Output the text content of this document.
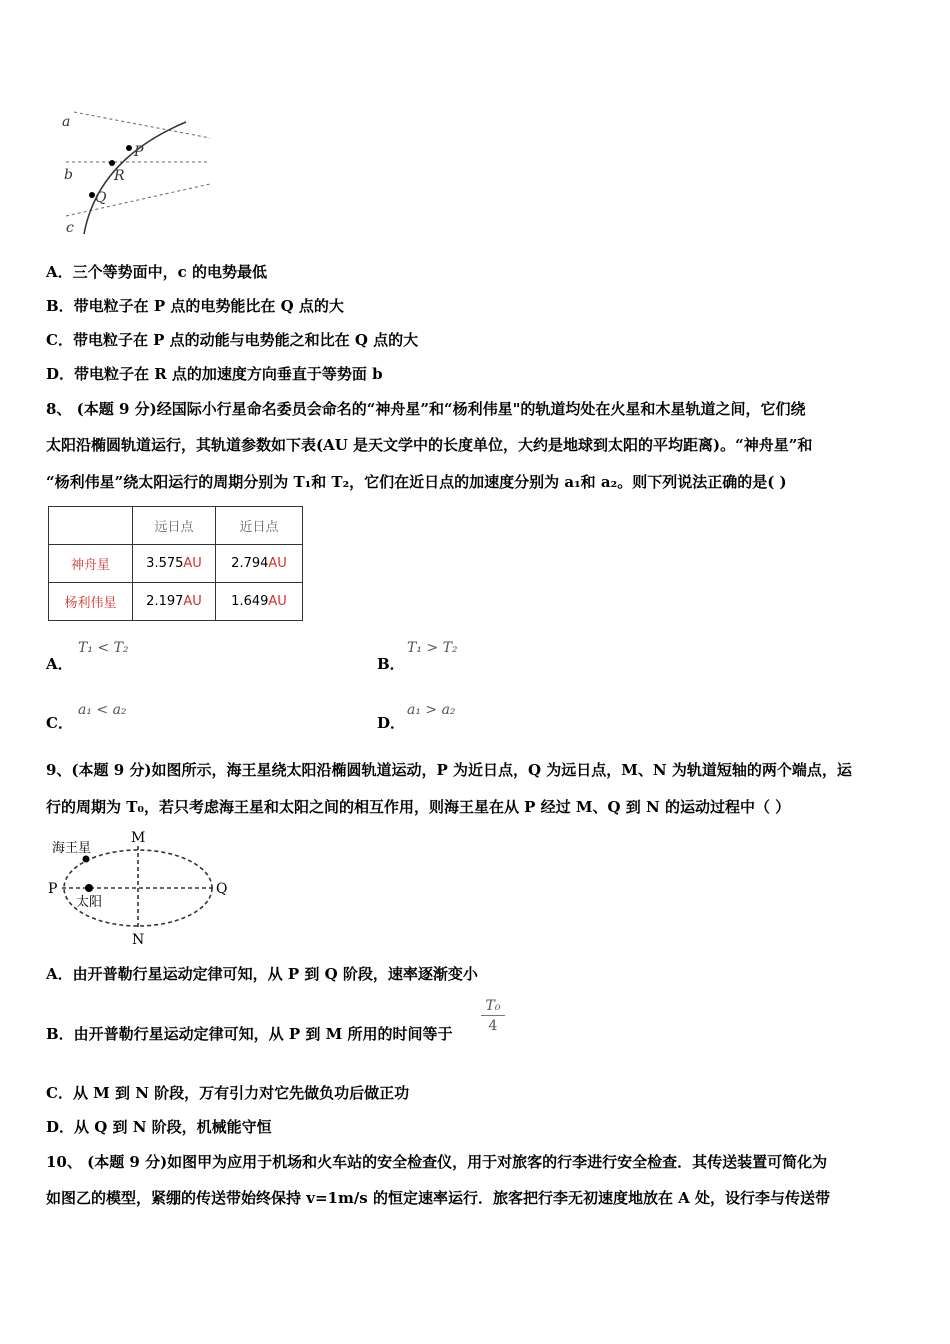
a
b
c
P
R
Q
A．三个等势面中，c 的电势最低
B．带电粒子在 P 点的电势能比在 Q 点的大
C．带电粒子在 P 点的动能与电势能之和比在 Q 点的大
D．带电粒子在 R 点的加速度方向垂直于等势面 b
8、 (本题 9 分)经国际小行星命名委员会命名的“神舟星”和“杨利伟星"的轨道均处在火星和木星轨道之间，它们绕
太阳沿椭圆轨道运行，其轨道参数如下表(AU 是天文学中的长度单位，大约是地球到太阳的平均距离)。“神舟星”和
“杨利伟星”绕太阳运行的周期分别为 T₁和 T₂，它们在近日点的加速度分别为 a₁和 a₂。则下列说法正确的是( )
	远日点	近日点
神舟星	3.575AU	2.794AU
杨利伟星	2.197AU	1.649AU
A．
T₁ < T₂
B．
T₁ > T₂
C．
a₁ < a₂
D．
a₁ > a₂
9、(本题 9 分)如图所示，海王星绕太阳沿椭圆轨道运动，P 为近日点，Q 为远日点，M、N 为轨道短轴的两个端点，运
行的周期为 T₀，若只考虑海王星和太阳之间的相互作用，则海王星在从 P 经过 M、Q 到 N 的运动过程中（ ）
海王星
太阳
M
N
P	Q
A．由开普勒行星运动定律可知，从 P 到 Q 阶段，速率逐渐变小
B．由开普勒行星运动定律可知，从 P 到 M 所用的时间等于 $\frac{\text{T₀}}{4}$
C．从 M 到 N 阶段，万有引力对它先做负功后做正功
D．从 Q 到 N 阶段，机械能守恒
10、 (本题 9 分)如图甲为应用于机场和火车站的安全检查仪，用于对旅客的行李进行安全检查．其传送装置可简化为
如图乙的模型，紧绷的传送带始终保持 v=1m/s 的恒定速率运行．旅客把行李无初速度地放在 A 处，设行李与传送带
